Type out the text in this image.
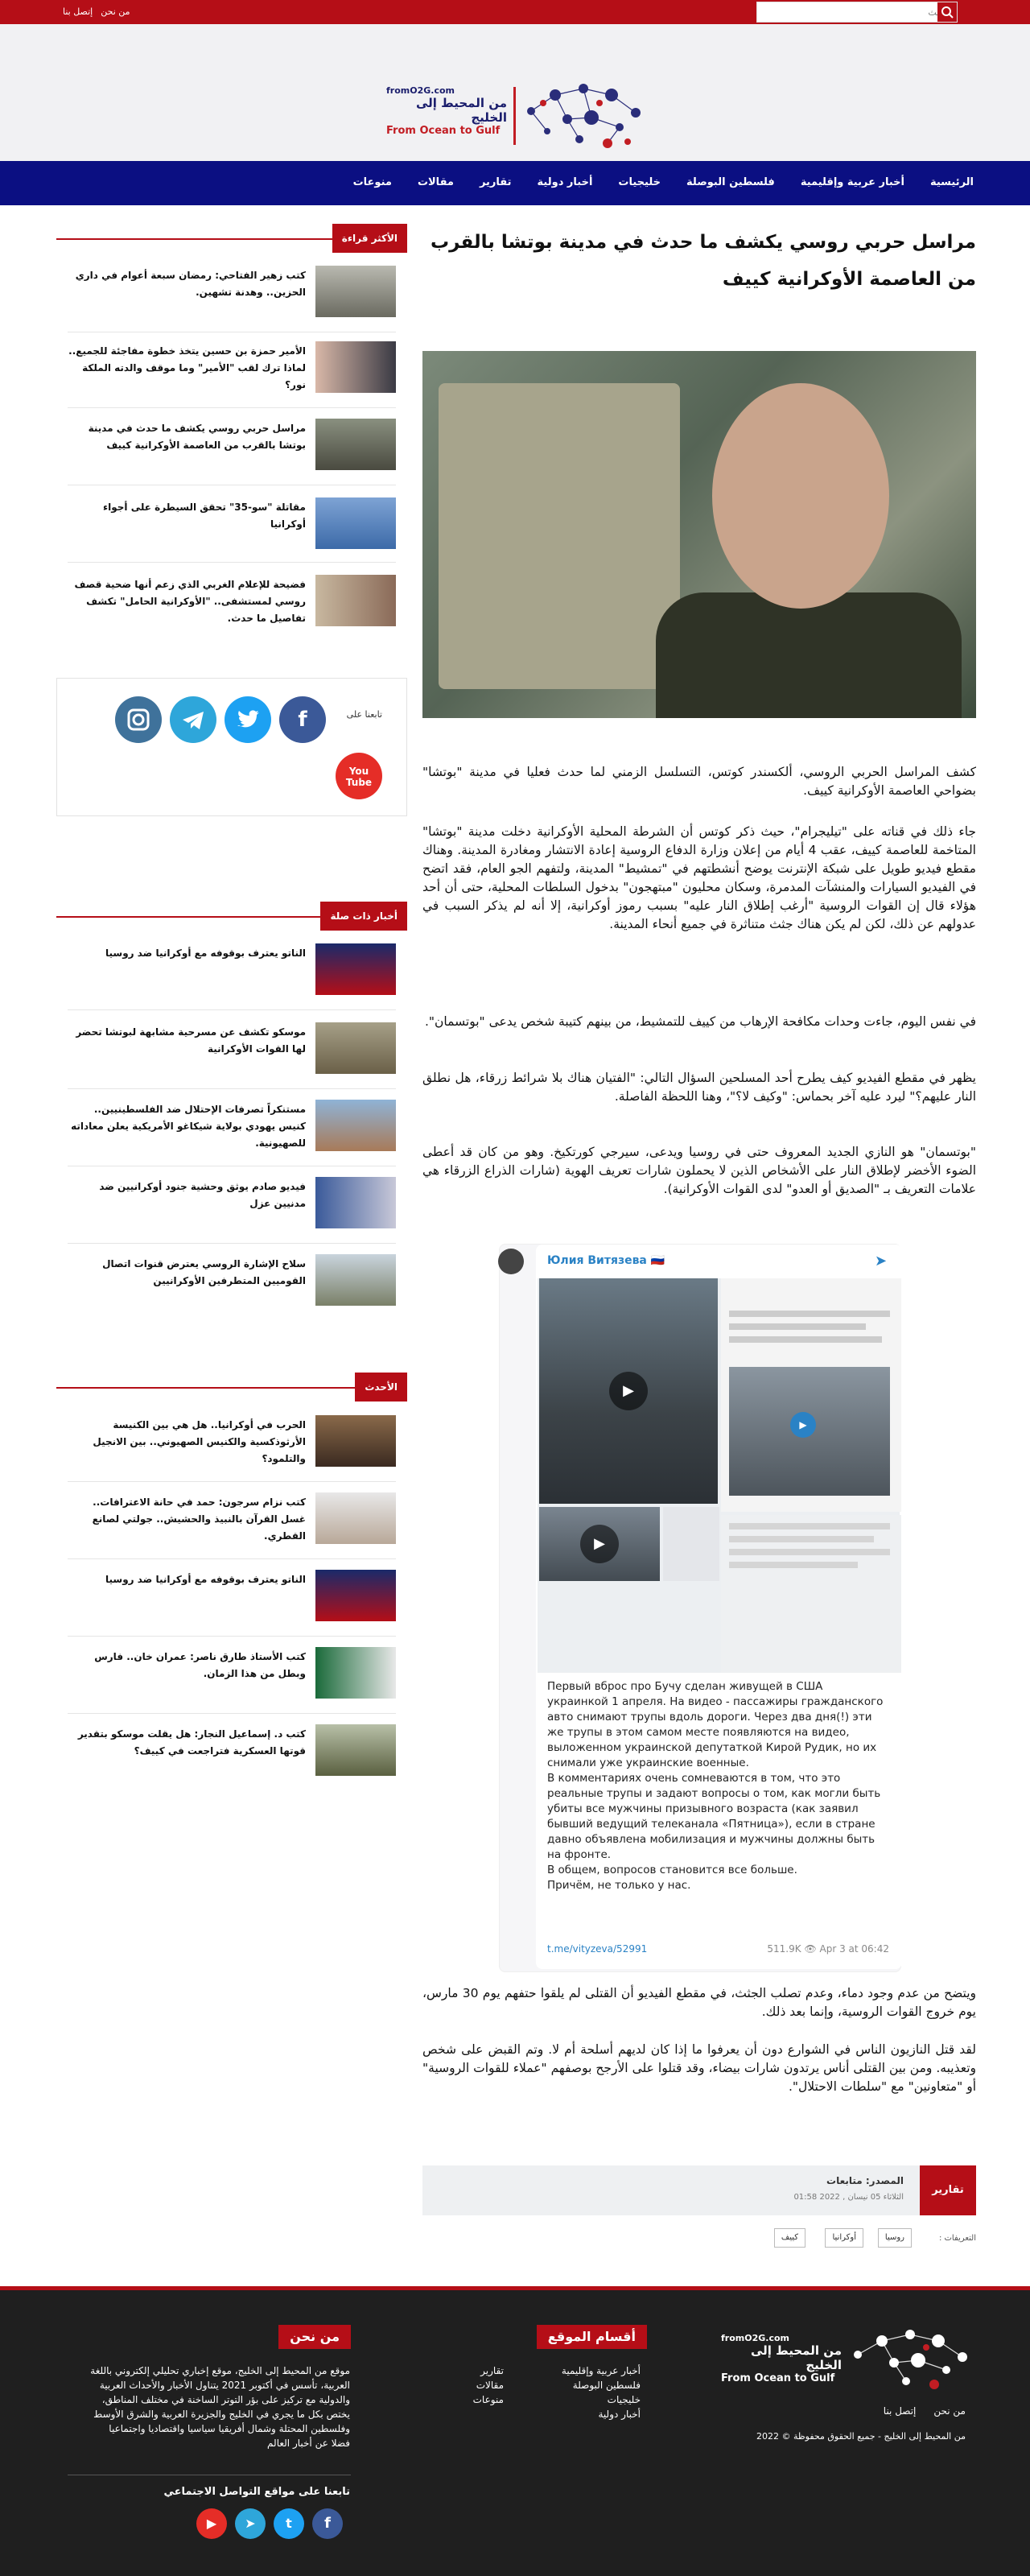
من نحن
إتصل بنا
البحث
fromO2G.com
من المحيط إلى الخليج
From Ocean to Gulf
الرئيسية
أخبار عربية وإقليمية
فلسطين البوصلة
خليجيات
أخبار دولية
تقارير
مقالات
منوعات
مراسل حربي روسي يكشف ما حدث في مدينة بوتشا بالقرب من العاصمة الأوكرانية كييف
كشف المراسل الحربي الروسي، ألكسندر كوتس، التسلسل الزمني لما حدث فعليا في مدينة "بوتشا" بضواحي العاصمة الأوكرانية كييف.
جاء ذلك في قناته على "تيليجرام"، حيث ذكر كوتس أن الشرطة المحلية الأوكرانية دخلت مدينة "بوتشا" المتاخمة للعاصمة كييف، عقب 4 أيام من إعلان وزارة الدفاع الروسية إعادة الانتشار ومغادرة المدينة. وهناك مقطع فيديو طويل على شبكة الإنترنت يوضح أنشطتهم في "تمشيط" المدينة، ولتفهم الجو العام، فقد اتضح في الفيديو السيارات والمنشآت المدمرة، وسكان محليون "مبتهجون" بدخول السلطات المحلية، حتى أن أحد هؤلاء قال إن القوات الروسية "أرغب إطلاق النار عليه" بسبب رموز أوكرانية، إلا أنه لم يذكر السبب في عدولهم عن ذلك، لكن لم يكن هناك جثث متناثرة في جميع أنحاء المدينة.
في نفس اليوم، جاءت وحدات مكافحة الإرهاب من كييف للتمشيط، من بينهم كتيبة شخص يدعى "بوتسمان".
يظهر في مقطع الفيديو كيف يطرح أحد المسلحين السؤال التالي: "الفتيان هناك بلا شرائط زرقاء، هل نطلق النار عليهم؟" ليرد عليه آخر بحماس: "وكيف لا؟"، وهنا اللحظة الفاصلة.
"بوتسمان" هو النازي الجديد المعروف حتى في روسيا ويدعى، سيرجي كورتكيخ. وهو من كان قد أعطى الضوء الأخضر لإطلاق النار على الأشخاص الذين لا يحملون شارات تعريف الهوية (شارات الذراع الزرقاء هي علامات التعريف بـ "الصديق أو العدو" لدى القوات الأوكرانية).
Юлия Витязева 🇷🇺	➤
▶
▶
▶

Первый вброс про Бучу сделан живущей в США украинкой 1 апреля. На видео - пассажиры гражданского авто снимают трупы вдоль дороги. Через два дня(!) эти же трупы в этом самом месте появляются на видео, выложенном украинской депутаткой Кирой Рудик, но их снимали уже украинские военные.

В комментариях очень сомневаются в том, что это реальные трупы и задают вопросы о том, как могли быть убиты все мужчины призывного возраста (как заявил бывший ведущий телеканала «Пятница»), если в стране давно объявлена мобилизация и мужчины должны быть на фронте.

В общем, вопросов становится все больше.

Причём, не только у нас.

t.me/vityzeva/52991	511.9K 👁 Apr 3 at 06:42
ويتضح من عدم وجود دماء، وعدم تصلب الجثث، في مقطع الفيديو أن القتلى لم يلقوا حتفهم يوم 30 مارس، يوم خروج القوات الروسية، وإنما بعد ذلك.
لقد قتل النازيون الناس في الشوارع دون أن يعرفوا ما إذا كان لديهم أسلحة أم لا. وتم القبض على شخص وتعذيبه. ومن بين القتلى أناس يرتدون شارات بيضاء، وقد قتلوا على الأرجح بوصفهم "عملاء للقوات الروسية" أو "متعاونين" مع "سلطات الاحتلال".
تقارير
المصدر: متابعات
الثلاثاء 05 نيسان , 2022 01:58
التعريفات :
روسيا
أوكرانيا
كييف
الأكثر قراءة
كتب زهير الفتاحي: رمضان سبعة أعوام في داري الحزين.. وهدنة تشهين.
الأمير حمزة بن حسين يتخذ خطوة مفاجئة للجميع.. لماذا ترك لقب "الأمير" وما موقف والدته الملكة نور؟
مراسل حربي روسي يكشف ما حدث في مدينة بوتشا بالقرب من العاصمة الأوكرانية كييف
مقاتلة "سو-35" تحقق السيطرة على أجواء أوكرانيا
فضيحة للإعلام الغربي الذي زعم أنها ضحية قصف روسي لمستشفى.. "الأوكرانية الحامل" تكشف تفاصيل ما حدث.
تابعنا على
f
You
Tube
أخبار ذات صلة
الناتو يعترف بوقوفه مع أوكرانيا ضد روسيا
موسكو تكشف عن مسرحية مشابهة لبوتشا تحضر لها القوات الأوكرانية
مستنكراً تصرفات الإحتلال ضد الفلسطينيين.. كنيس يهودي بولاية شيكاغو الأمريكية يعلن معاداته للصهيونية.
فيديو صادم يوثق وحشية جنود أوكرانيين ضد مدنيين عزل
سلاح الإشارة الروسي يعترض قنوات اتصال القوميين المتطرفين الأوكرانيين
الأحدث
الحرب في أوكرانيا.. هل هي بين الكنيسة الأرثوذكسية والكنيس الصهيوني.. بين الانجيل والتلمود؟
كتب نزام سرجون: حمد في حانة الاعترافات.. غسل القرآن بالنبيذ والحشيش.. جولتي لصانع القطري.
الناتو يعترف بوقوفه مع أوكرانيا ضد روسيا
كتب الأستاذ طارق ناصر: عمران خان.. فارس وبطل من هذا الزمان.
كتب د. إسماعيل النجار: هل يقلت موسكو بتقدير قوتها العسكرية فتراجعت في كييف؟
fromO2G.com
من المحيط إلى الخليج
From Ocean to Gulf
من نحن
إتصل بنا
من المحيط إلى الخليج - جميع الحقوق محفوظة © 2022
أقسام الموقع
أخبار عربية وإقليمية
فلسطين البوصلة
خليجيات
أخبار دولية
تقارير
مقالات
منوعات
من نحن
موقع من المحيط إلى الخليج، موقع إخباري تحليلي إلكتروني باللغة العربية، تأسس في أكتوبر 2021 يتناول الأخبار والأحداث العربية والدولية مع تركيز على بؤر التوتر الساخنة في مختلف المناطق، يختص بكل ما يجري في الخليج والجزيرة العربية والشرق الأوسط وفلسطين المحتلة وشمال أفريقيا سياسيا واقتصاديا واجتماعيا فضلا عن أخبار العالم
تابعنا على مواقع التواصل الاجتماعي
▶	➤	t	f
